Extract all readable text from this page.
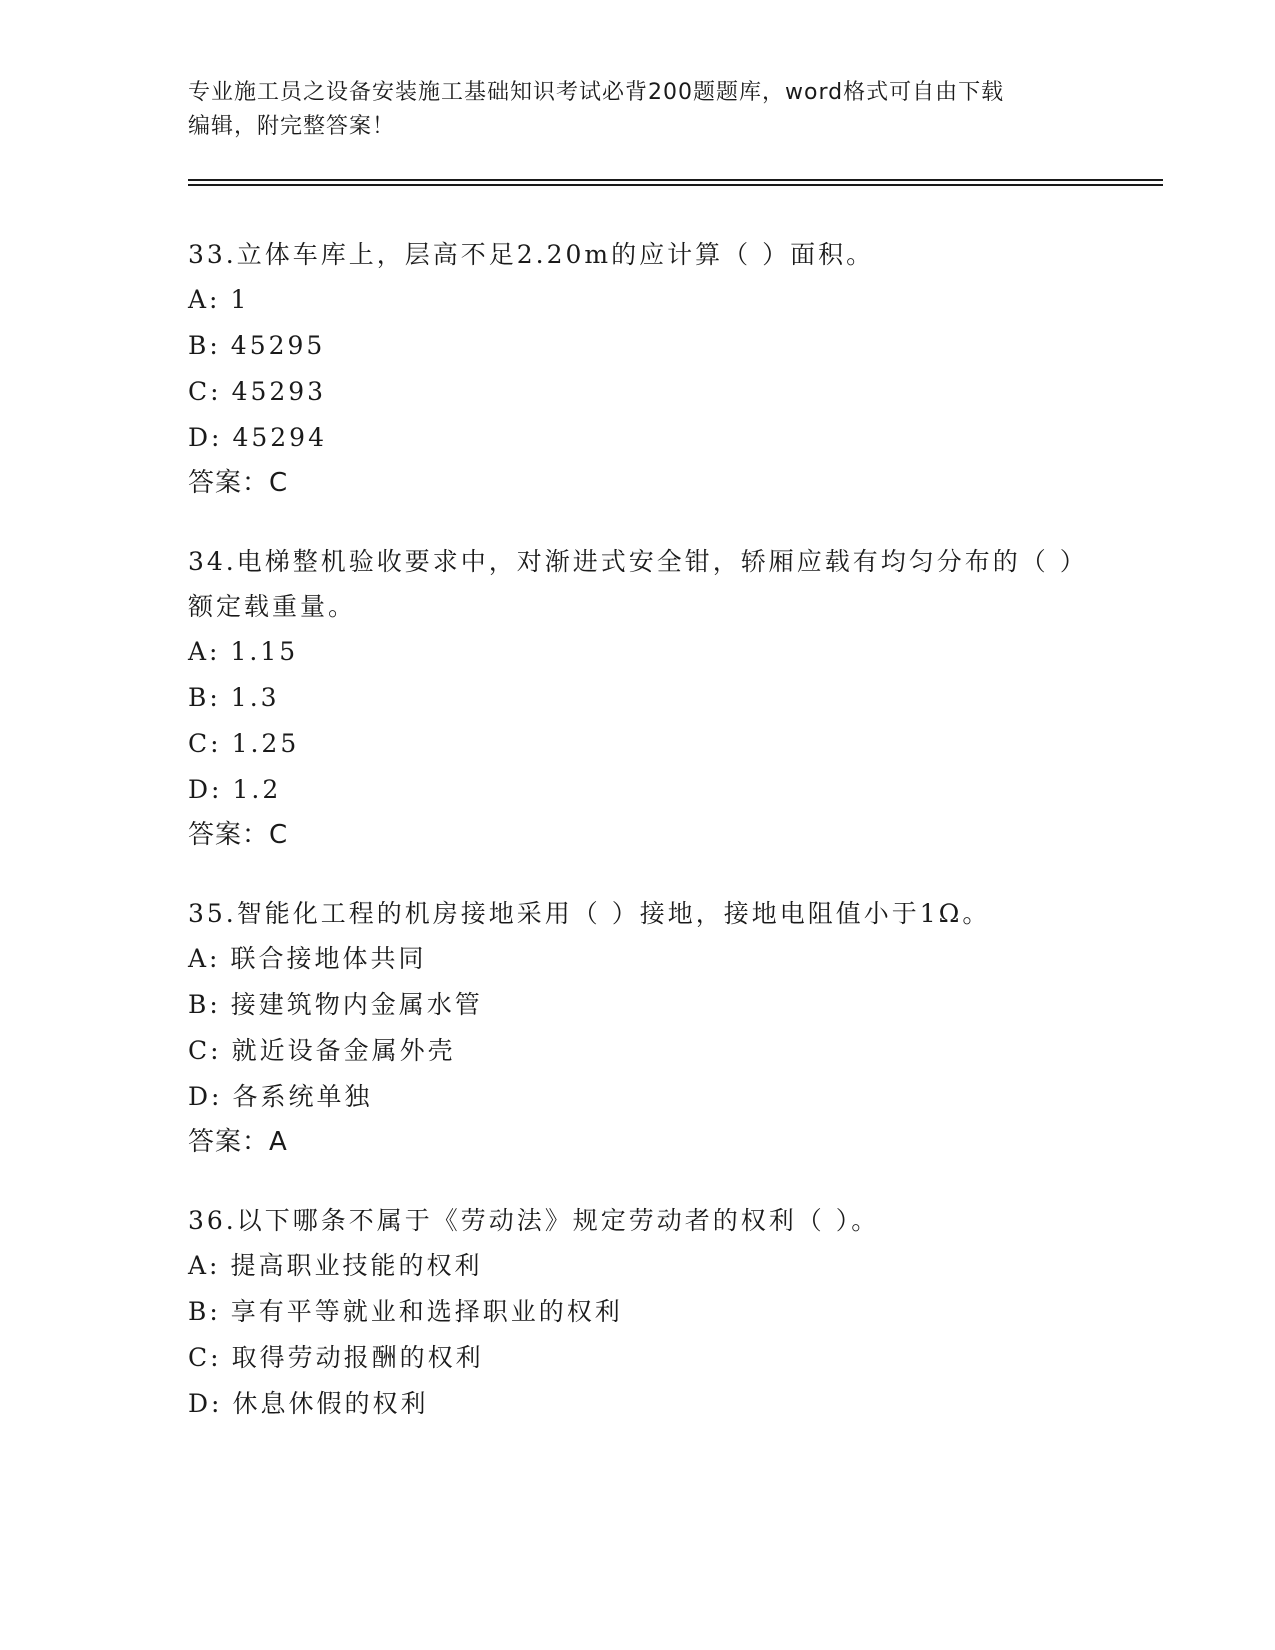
专业施工员之设备安装施工基础知识考试必背200题题库，word格式可自由下载
编辑，附完整答案！

33.立体车库上，层高不足2.20m的应计算（ ）面积。

A: 1

B: 45295

C: 45293

D: 45294

答案：C

34.电梯整机验收要求中，对渐进式安全钳，轿厢应载有均匀分布的（ ）额定载重量。

A: 1.15

B: 1.3

C: 1.25

D: 1.2

答案：C

35.智能化工程的机房接地采用（ ）接地，接地电阻值小于1Ω。

A: 联合接地体共同

B: 接建筑物内金属水管

C: 就近设备金属外壳

D: 各系统单独

答案：A

36.以下哪条不属于《劳动法》规定劳动者的权利（ ）。

A: 提高职业技能的权利

B: 享有平等就业和选择职业的权利

C: 取得劳动报酬的权利

D: 休息休假的权利
